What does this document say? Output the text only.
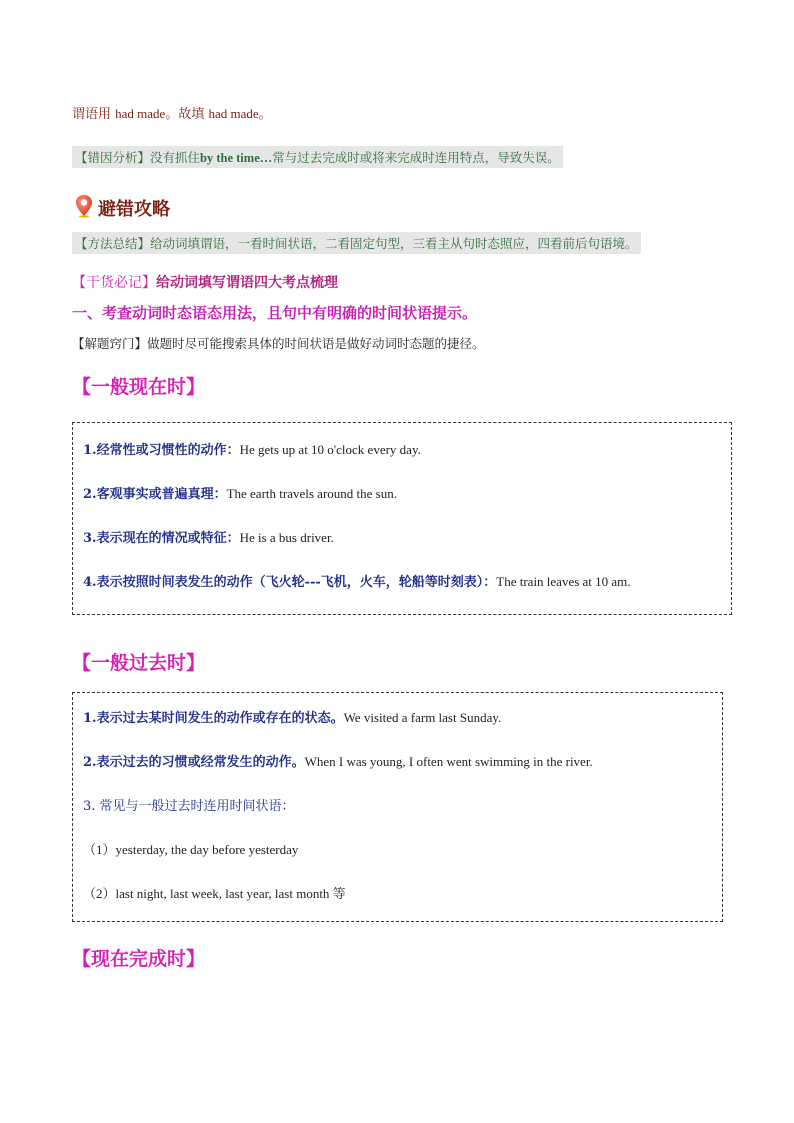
谓语用 had made。故填 had made。
【错因分析】没有抓住by the time…常与过去完成时或将来完成时连用特点，导致失误。
避错攻略
【方法总结】给动词填谓语，一看时间状语，二看固定句型，三看主从句时态照应，四看前后句语境。
【干货必记】给动词填写谓语四大考点梳理
一、考查动词时态语态用法，且句中有明确的时间状语提示。
【解题窍门】做题时尽可能搜索具体的时间状语是做好动词时态题的捷径。
【一般现在时】
1.经常性或习惯性的动作：He gets up at 10 o'clock every day.
2.客观事实或普遍真理：The earth travels around the sun.
3.表示现在的情况或特征：He is a bus driver.
4.表示按照时间表发生的动作（飞火轮---飞机，火车，轮船等时刻表）：The train leaves at 10 am.
【一般过去时】
1.表示过去某时间发生的动作或存在的状态。We visited a farm last Sunday.
2.表示过去的习惯或经常发生的动作。When I was young, I often went swimming in the river.
3. 常见与一般过去时连用时间状语：
（1）yesterday, the day before yesterday
（2）last night, last week, last year, last month 等
【现在完成时】
